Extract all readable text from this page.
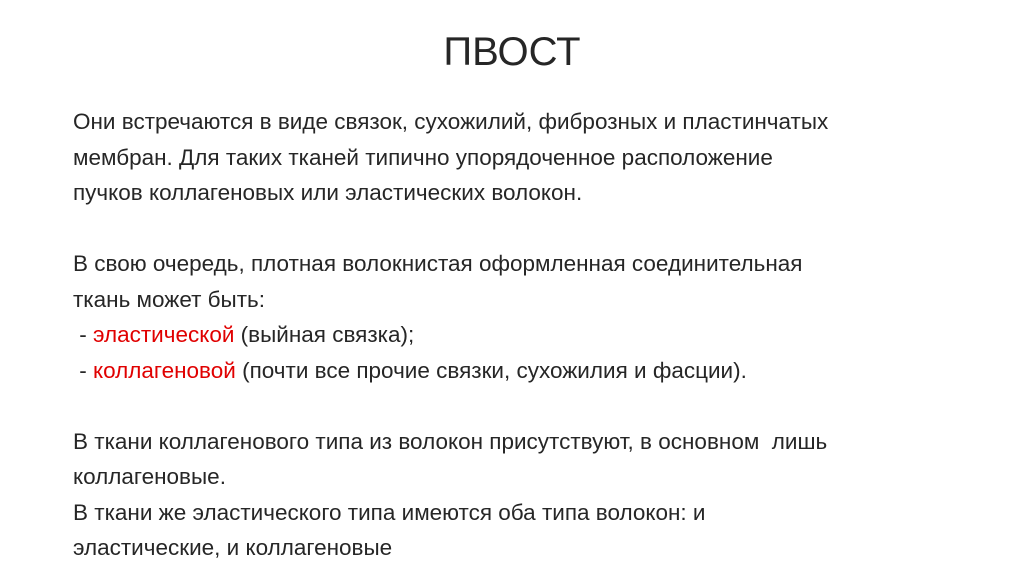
ПВОСТ
Они встречаются в виде связок, сухожилий, фиброзных и пластинчатых
мембран. Для таких тканей типично упорядоченное расположение
пучков коллагеновых или эластических волокон.
В свою очередь, плотная волокнистая оформленная соединительная
ткань может быть:
- эластической (выйная связка);
- коллагеновой (почти все прочие связки, сухожилия и фасции).
В ткани коллагенового типа из волокон присутствуют, в основном  лишь
коллагеновые.
В ткани же эластического типа имеются оба типа волокон: и
эластические, и коллагеновые
